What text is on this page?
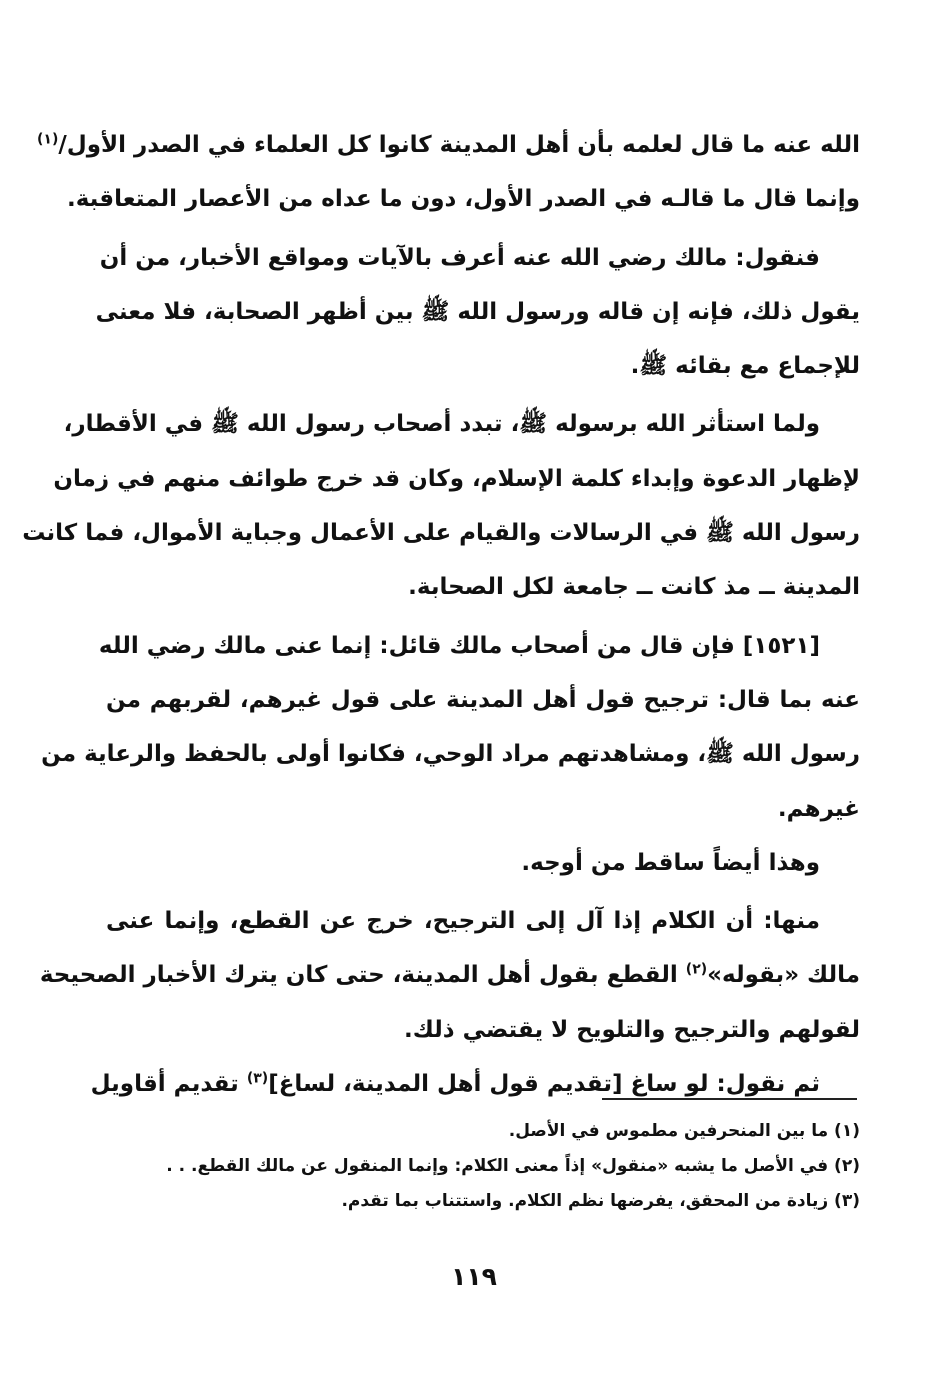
الله عنه ما قال لعلمه بأن أهل المدينة كانوا كل العلماء في الصدر الأول/$^{(١)}$
وإنما قال ما قالـه في الصدر الأول، دون ما عداه من الأعصار المتعاقبة.
فنقول: مالك رضي الله عنه أعرف بالآيات ومواقع الأخبار، من أن
يقول ذلك، فإنه إن قاله ورسول الله ﷺ بين أظهر الصحابة، فلا معنى
للإجماع مع بقائه ﷺ.
ولما استأثر الله برسوله ﷺ، تبدد أصحاب رسول الله ﷺ في الأقطار،
لإظهار الدعوة وإبداء كلمة الإسلام، وكان قد خرج طوائف منهم في زمان
رسول الله ﷺ في الرسالات والقيام على الأعمال وجباية الأموال، فما كانت
المدينة ــ مذ كانت ــ جامعة لكل الصحابة.
[١٥٢١] فإن قال من أصحاب مالك قائل: إنما عنى مالك رضي الله
عنه بما قال: ترجيح قول أهل المدينة على قول غيرهم، لقربهم من
رسول الله ﷺ، ومشاهدتهم مراد الوحي، فكانوا أولى بالحفظ والرعاية من
غيرهم.
وهذا أيضاً ساقط من أوجه.
منها: أن الكلام إذا آل إلى الترجيح، خرج عن القطع، وإنما عنى
مالك «بقوله»$^{(٢)}$ القطع بقول أهل المدينة، حتى كان يترك الأخبار الصحيحة
لقولهم والترجيح والتلويح لا يقتضي ذلك.
ثم نقول: لو ساغ [تقديم قول أهل المدينة، لساغ]$^{(٣)}$ تقديم أقاويل
(١) ما بين المنحرفين مطموس في الأصل.
(٢) في الأصل ما يشبه «منقول» إذاً معنى الكلام: وإنما المنقول عن مالك القطع. . .
(٣) زيادة من المحقق، يفرضها نظم الكلام. واستتناب بما تقدم.
١١٩
